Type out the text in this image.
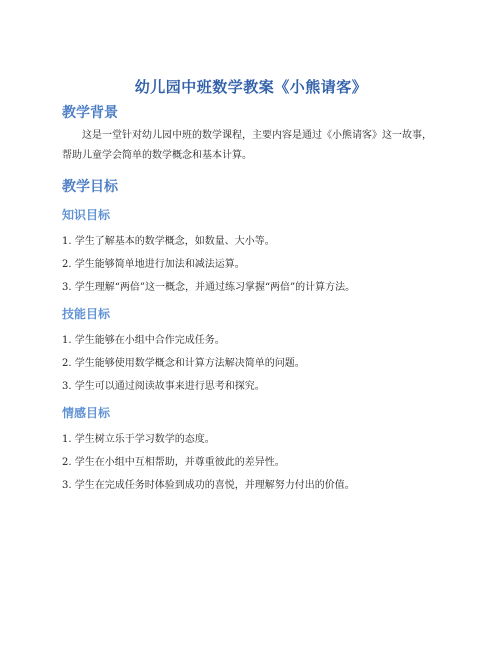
幼儿园中班数学教案《小熊请客》
教学背景
这是一堂针对幼儿园中班的数学课程，主要内容是通过《小熊请客》这一故事，
帮助儿童学会简单的数学概念和基本计算。
教学目标
知识目标
1. 学生了解基本的数学概念，如数量、大小等。
2. 学生能够简单地进行加法和减法运算。
3. 学生理解“两倍”这一概念，并通过练习掌握“两倍”的计算方法。
技能目标
1. 学生能够在小组中合作完成任务。
2. 学生能够使用数学概念和计算方法解决简单的问题。
3. 学生可以通过阅读故事来进行思考和探究。
情感目标
1. 学生树立乐于学习数学的态度。
2. 学生在小组中互相帮助，并尊重彼此的差异性。
3. 学生在完成任务时体验到成功的喜悦，并理解努力付出的价值。
